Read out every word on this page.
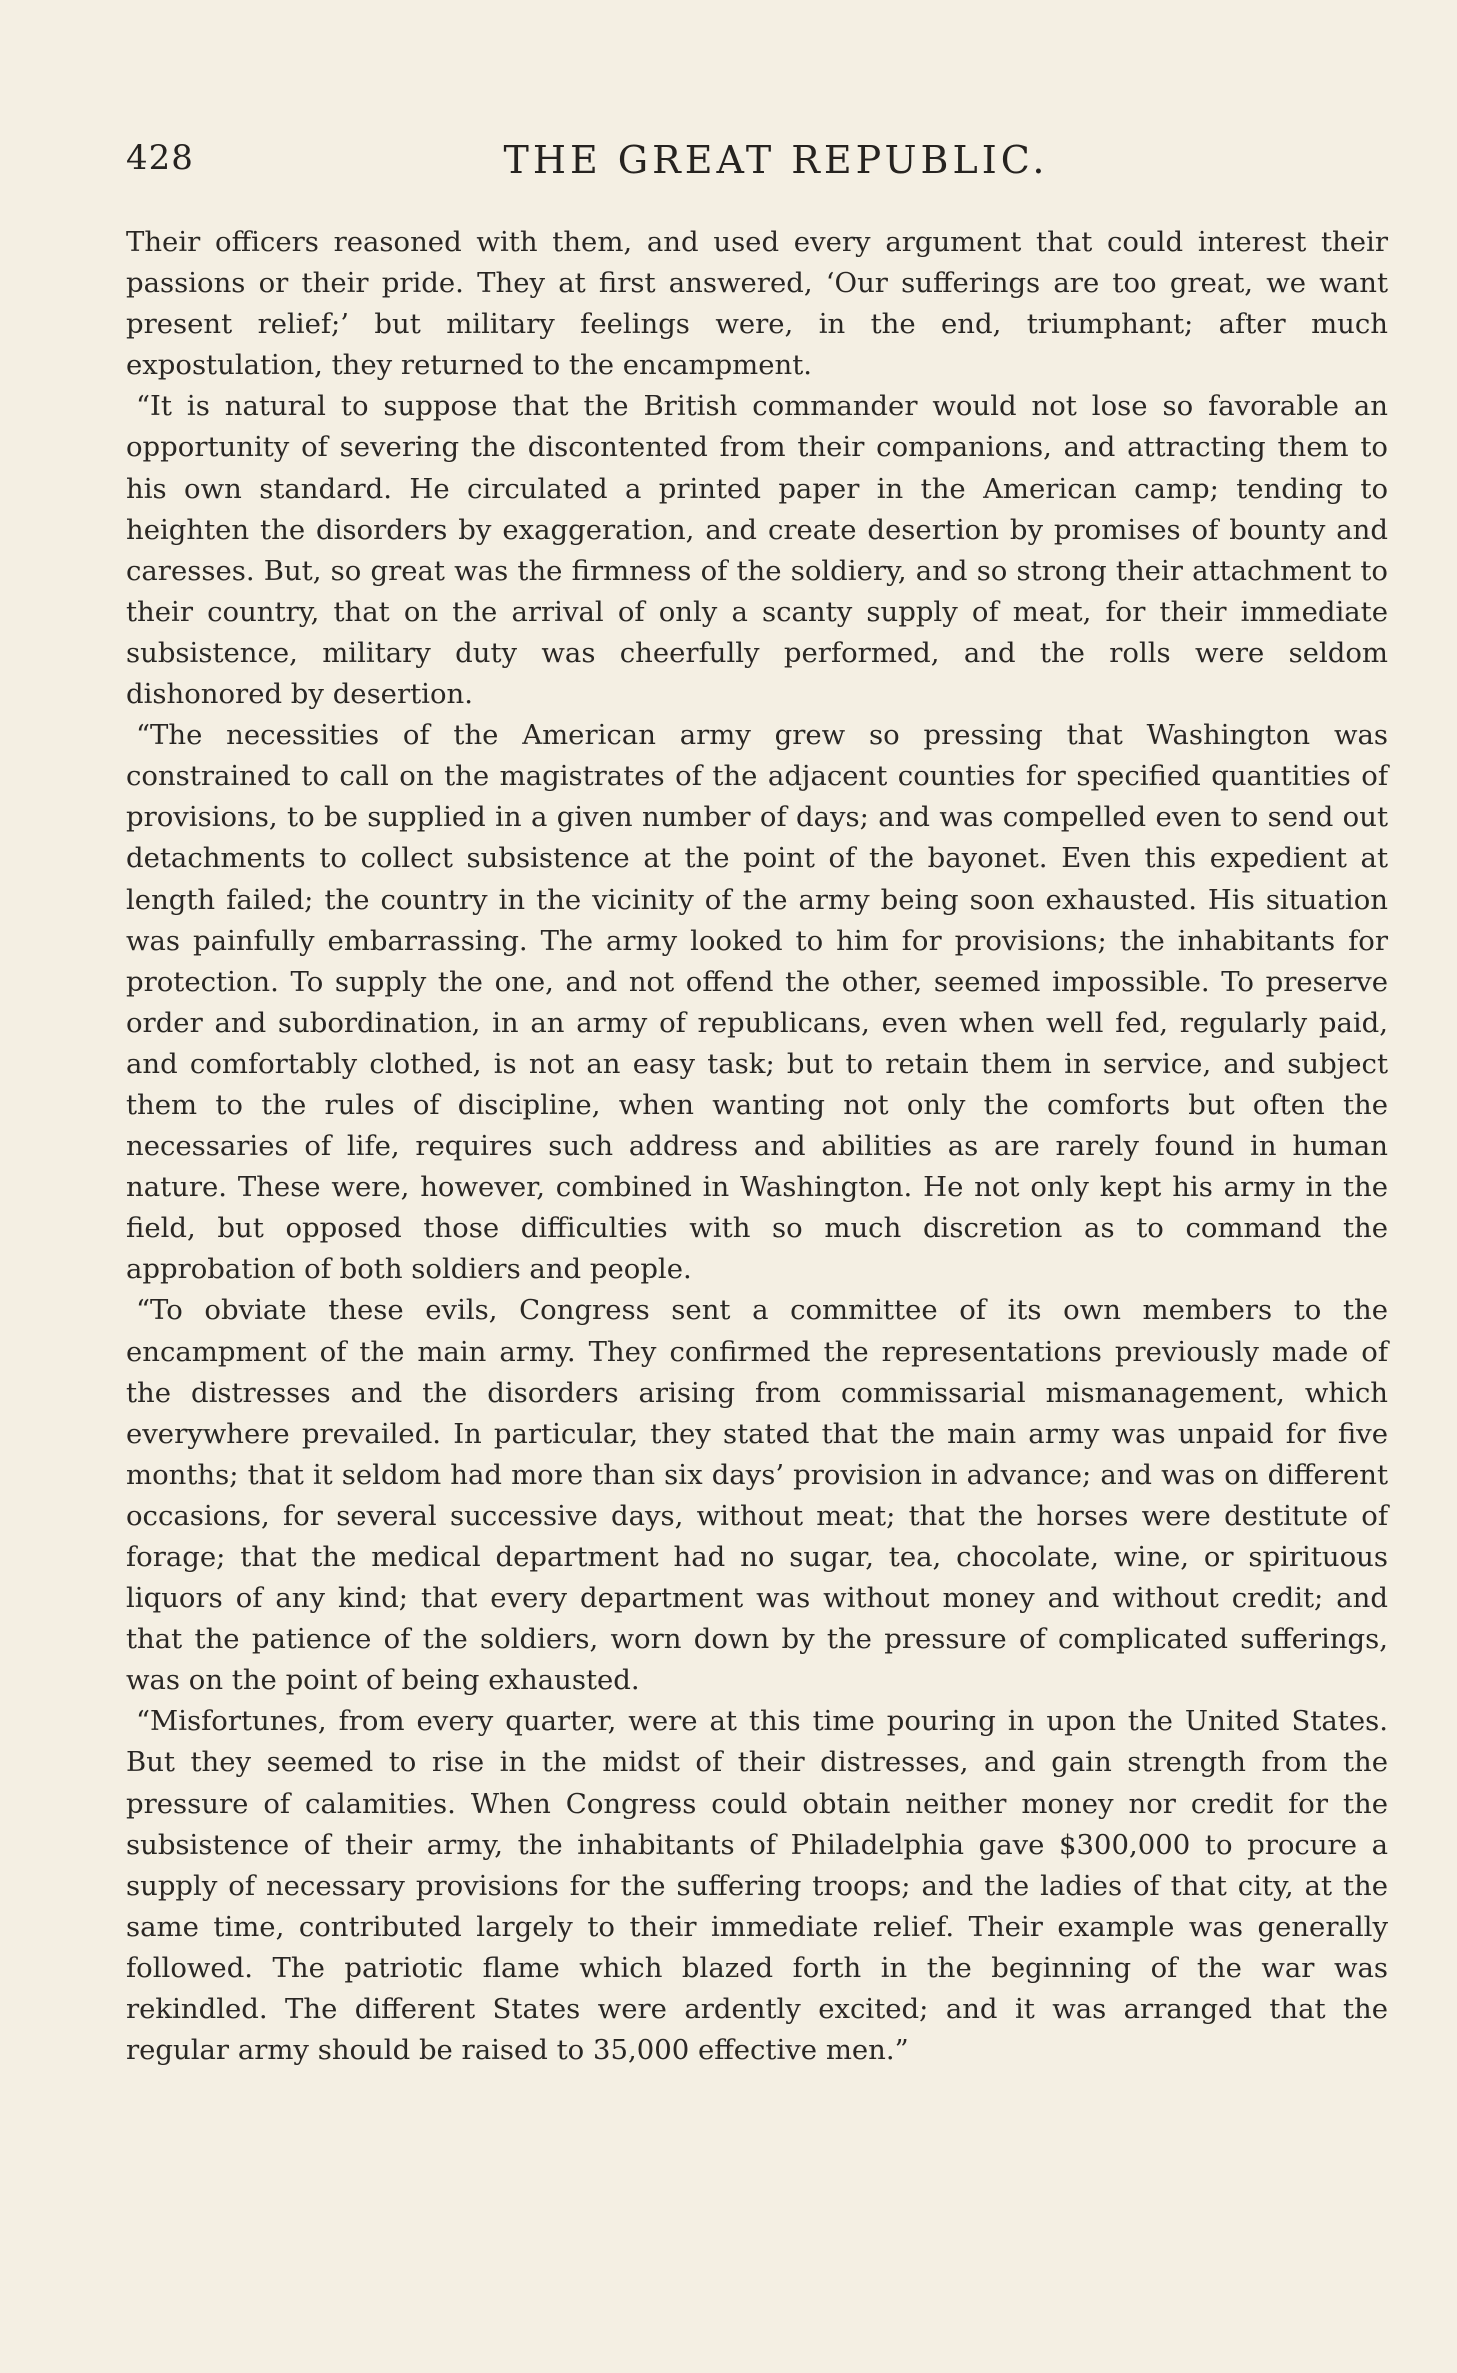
428	THE GREAT REPUBLIC.

Their officers reasoned with them, and used every argument that could interest their passions or their pride. They at first answered, ‘Our sufferings are too great, we want present relief;’ but military feelings were, in the end, triumphant; after much expostulation, they returned to the encampment.

“It is natural to suppose that the British commander would not lose so favorable an opportunity of severing the discontented from their companions, and attracting them to his own standard. He circulated a printed paper in the American camp; tending to heighten the disorders by exaggeration, and create desertion by promises of bounty and caresses. But, so great was the firmness of the soldiery, and so strong their attachment to their country, that on the arrival of only a scanty supply of meat, for their immediate subsistence, military duty was cheerfully performed, and the rolls were seldom dishonored by desertion.

“The necessities of the American army grew so pressing that Washington was constrained to call on the magistrates of the adjacent counties for specified quantities of provisions, to be supplied in a given number of days; and was compelled even to send out detachments to collect subsistence at the point of the bayonet. Even this expedient at length failed; the country in the vicinity of the army being soon exhausted. His situation was painfully embarrassing. The army looked to him for provisions; the inhabitants for protection. To supply the one, and not offend the other, seemed impossible. To preserve order and subordination, in an army of republicans, even when well fed, regularly paid, and comfortably clothed, is not an easy task; but to retain them in service, and subject them to the rules of discipline, when wanting not only the comforts but often the necessaries of life, requires such address and abilities as are rarely found in human nature. These were, however, combined in Washington. He not only kept his army in the field, but opposed those difficulties with so much discretion as to command the approbation of both soldiers and people.

“To obviate these evils, Congress sent a committee of its own members to the encampment of the main army. They confirmed the representations previously made of the distresses and the disorders arising from commissarial mismanagement, which everywhere prevailed. In particular, they stated that the main army was unpaid for five months; that it seldom had more than six days’ provision in advance; and was on different occasions, for several successive days, without meat; that the horses were destitute of forage; that the medical department had no sugar, tea, chocolate, wine, or spirituous liquors of any kind; that every department was without money and without credit; and that the patience of the soldiers, worn down by the pressure of complicated sufferings, was on the point of being exhausted.

“Misfortunes, from every quarter, were at this time pouring in upon the United States. But they seemed to rise in the midst of their distresses, and gain strength from the pressure of calamities. When Congress could obtain neither money nor credit for the subsistence of their army, the inhabitants of Philadelphia gave $300,000 to procure a supply of necessary provisions for the suffering troops; and the ladies of that city, at the same time, contributed largely to their immediate relief. Their example was generally followed. The patriotic flame which blazed forth in the beginning of the war was rekindled. The different States were ardently excited; and it was arranged that the regular army should be raised to 35,000 effective men.”
